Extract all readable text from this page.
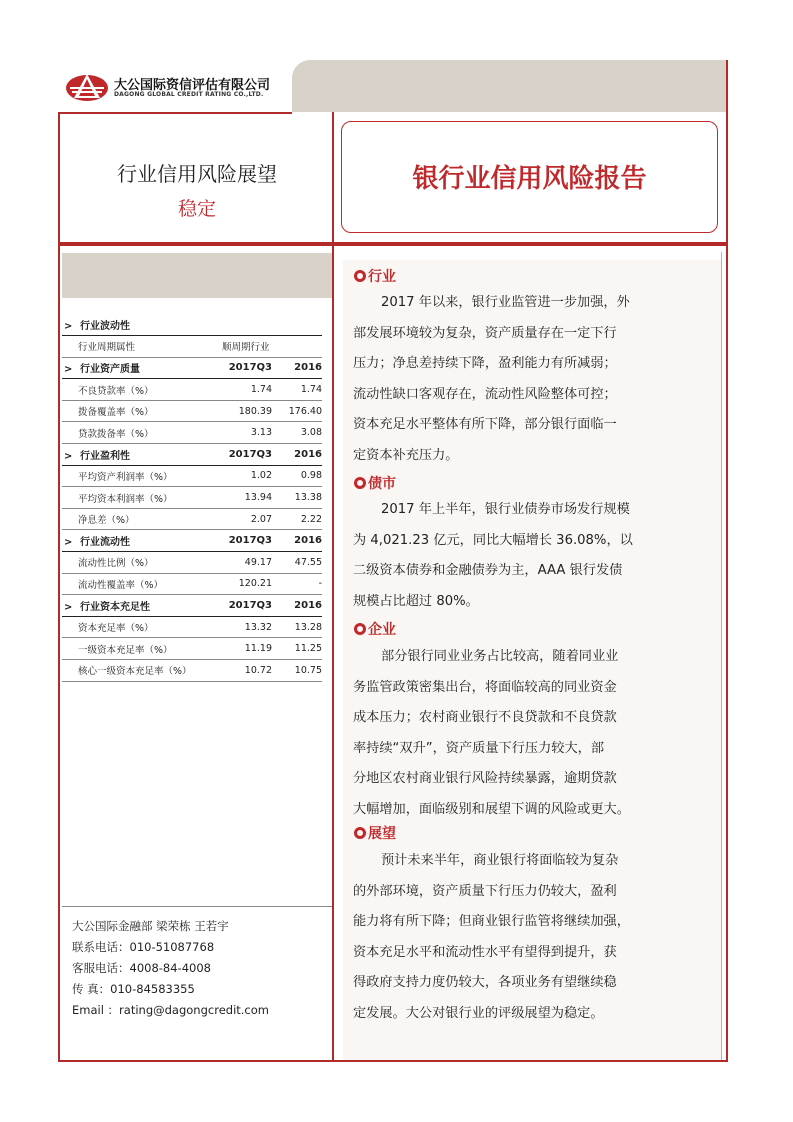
大公国际资信评估有限公司
DAGONG GLOBAL CREDIT RATING CO.,LTD.
行业信用风险展望
稳定
银行业信用风险报告
> 行业波动性		
行业周期属性	顺周期行业	
> 行业资产质量	2017Q3	2016
不良贷款率（%）	1.74	1.74
拨备覆盖率（%）	180.39	176.40
贷款拨备率（%）	3.13	3.08
> 行业盈利性	2017Q3	2016
平均资产利润率（%）	1.02	0.98
平均资本利润率（%）	13.94	13.38
净息差（%）	2.07	2.22
> 行业流动性	2017Q3	2016
流动性比例（%）	49.17	47.55
流动性覆盖率（%）	120.21	-
> 行业资本充足性	2017Q3	2016
资本充足率（%）	13.32	13.28
一级资本充足率（%）	11.19	11.25
核心一级资本充足率（%）	10.72	10.75
大公国际金融部 梁荣栋 王若宇
联系电话：010-51087768
客服电话：4008-84-4008
传 真：010-84583355
Email ：rating@dagongcredit.com
行业
2017 年以来，银行业监管进一步加强，外
部发展环境较为复杂，资产质量存在一定下行
压力；净息差持续下降，盈利能力有所减弱；
流动性缺口客观存在，流动性风险整体可控；
资本充足水平整体有所下降，部分银行面临一
定资本补充压力。
债市
2017 年上半年，银行业债券市场发行规模
为 4,021.23 亿元，同比大幅增长 36.08%，以
二级资本债券和金融债券为主，AAA 银行发债
规模占比超过 80%。
企业
部分银行同业业务占比较高，随着同业业
务监管政策密集出台，将面临较高的同业资金
成本压力；农村商业银行不良贷款和不良贷款
率持续“双升”，资产质量下行压力较大，部
分地区农村商业银行风险持续暴露，逾期贷款
大幅增加，面临级别和展望下调的风险或更大。
展望
预计未来半年，商业银行将面临较为复杂
的外部环境，资产质量下行压力仍较大，盈利
能力将有所下降；但商业银行监管将继续加强，
资本充足水平和流动性水平有望得到提升，获
得政府支持力度仍较大，各项业务有望继续稳
定发展。大公对银行业的评级展望为稳定。
